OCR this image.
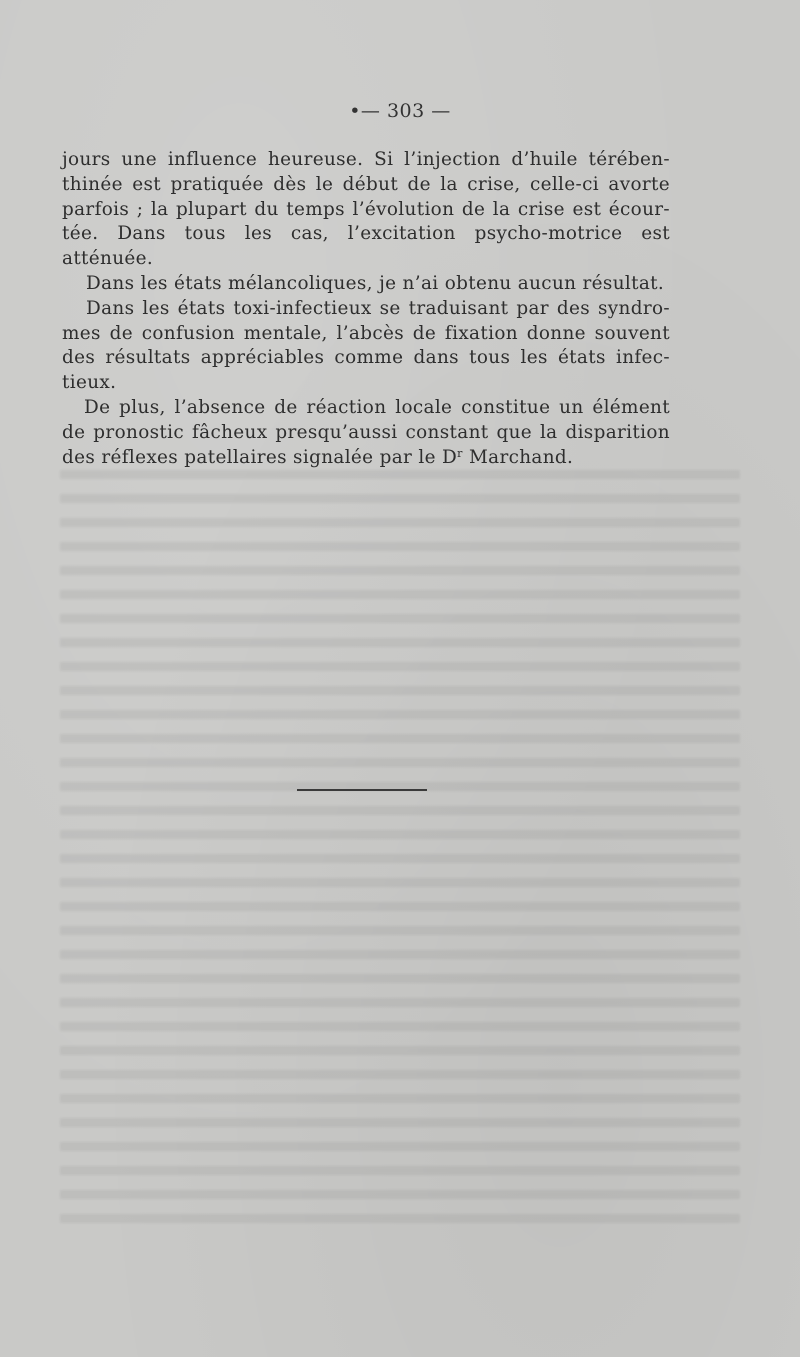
•— 303 —

jours une influence heureuse. Si l’injection d’huile térében-thinée est pratiquée dès le début de la crise, celle-ci avorte parfois ; la plupart du temps l’évolution de la crise est écour-tée. Dans tous les cas, l’excitation psycho-motrice est atténuée.

Dans les états mélancoliques, je n’ai obtenu aucun résultat.

Dans les états toxi-infectieux se traduisant par des syndro-mes de confusion mentale, l’abcès de fixation donne souvent des résultats appréciables comme dans tous les états infec-tieux.

De plus, l’absence de réaction locale constitue un élément de pronostic fâcheux presqu’aussi constant que la disparition des réflexes patellaires signalée par le $D^r$ Marchand.
